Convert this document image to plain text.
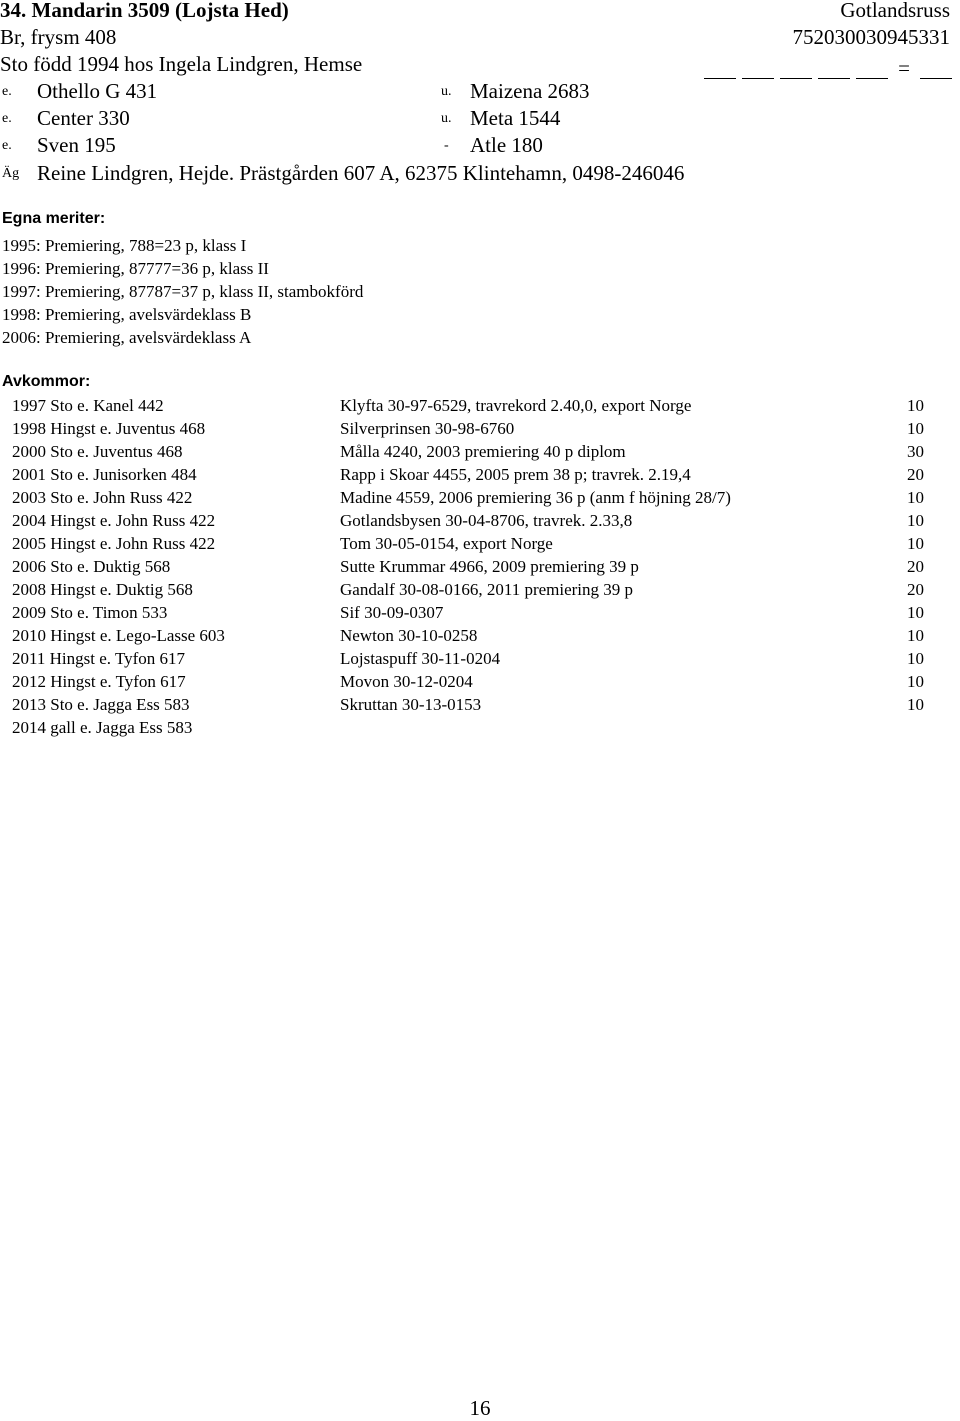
34. Mandarin 3509 (Lojsta Hed)	Gotlandsruss
Br, frysm 408	752030030945331
Sto född 1994 hos Ingela Lindgren, Hemse	=
e. Othello G 431	u. Maizena 2683
e. Center 330	u. Meta 1544
e. Sven 195	- Atle 180
Äg Reine Lindgren, Hejde. Prästgården 607 A, 62375 Klintehamn, 0498-246046
Egna meriter:
1995: Premiering, 788=23 p, klass I
1996: Premiering, 87777=36 p, klass II
1997: Premiering, 87787=37 p, klass II, stambokförd
1998: Premiering, avelsvärdeklass B
2006: Premiering, avelsvärdeklass A
Avkommor:
1997 Sto e. Kanel 442	Klyfta 30-97-6529, travrekord 2.40,0, export Norge	10
1998 Hingst e. Juventus 468	Silverprinsen 30-98-6760	10
2000 Sto e. Juventus 468	Målla 4240, 2003 premiering 40 p diplom	30
2001 Sto e. Junisorken 484	Rapp i Skoar 4455, 2005 prem 38 p; travrek. 2.19,4	20
2003 Sto e. John Russ 422	Madine 4559, 2006 premiering 36 p (anm f höjning 28/7)	10
2004 Hingst e. John Russ 422	Gotlandsbysen 30-04-8706, travrek. 2.33,8	10
2005 Hingst e. John Russ 422	Tom 30-05-0154, export Norge	10
2006 Sto e. Duktig 568	Sutte Krummar 4966, 2009 premiering 39 p	20
2008 Hingst e. Duktig 568	Gandalf 30-08-0166, 2011 premiering 39 p	20
2009 Sto e. Timon 533	Sif 30-09-0307	10
2010 Hingst e. Lego-Lasse 603	Newton 30-10-0258	10
2011 Hingst e. Tyfon 617	Lojstaspuff 30-11-0204	10
2012 Hingst e. Tyfon 617	Movon 30-12-0204	10
2013 Sto e. Jagga Ess 583	Skruttan 30-13-0153	10
2014 gall e. Jagga Ess 583
16
